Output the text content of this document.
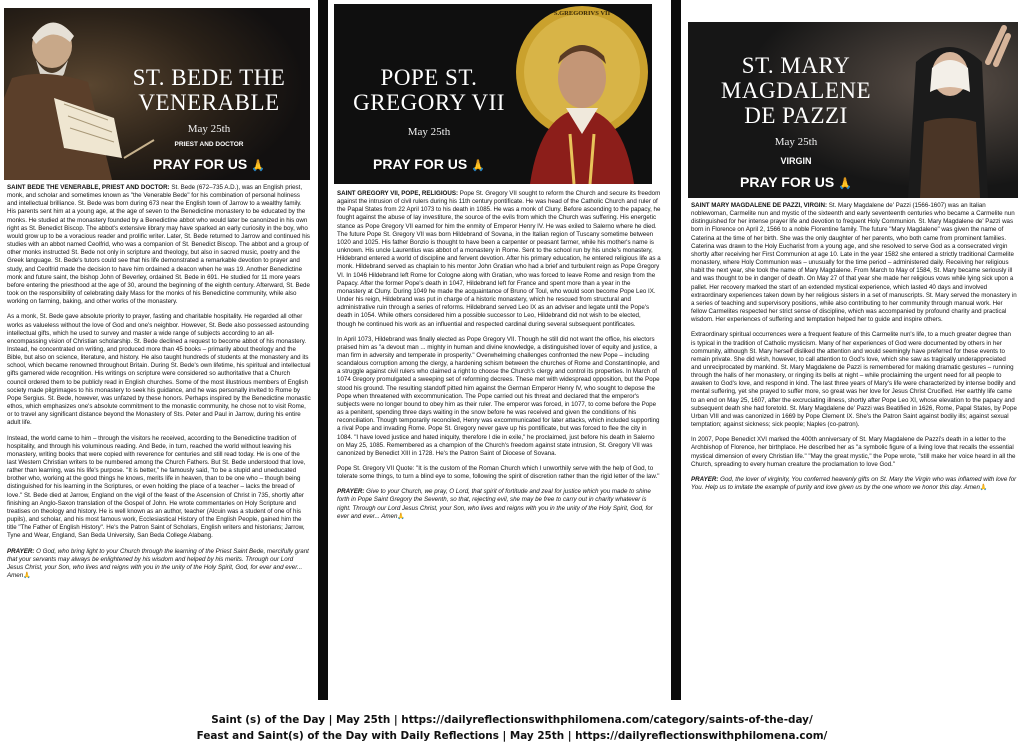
ST. BEDE THE
VENERABLE
May 25th
PRIEST AND DOCTOR
PRAY FOR US 🙏

SAINT BEDE THE VENERABLE, PRIEST AND DOCTOR: St. Bede (672–735 A.D.), was an English priest, monk, and scholar and sometimes known as "the Venerable Bede" for his combination of personal holiness and intellectual brilliance. St. Bede was born during 673 near the English town of Jarrow to a wealthy family. His parents sent him at a young age, at the age of seven to the Benedictine monastery to be educated by the monks. He studied at the monastery founded by a Benedictine abbot who would later be canonized in his own right as St. Benedict Biscop. The abbot's extensive library may have sparked an early curiosity in the boy, who would grow up to be a voracious reader and prolific writer. Later, St. Bede returned to Jarrow and continued his studies with an abbot named Ceolfrid, who was a companion of St. Benedict Biscop. The abbot and a group of other monks instructed St. Bede not only in scripture and theology, but also in sacred music, poetry and the Greek language. St. Bede's tutors could see that his life demonstrated a remarkable devotion to prayer and study, and Ceolfrid made the decision to have him ordained a deacon when he was 19. Another Benedictine monk and future saint, the bishop John of Beverley, ordained St. Bede in 691. He studied for 11 more years before entering the priesthood at the age of 30, around the beginning of the eighth century. Afterward, St. Bede took on the responsibility of celebrating daily Mass for the monks of his Benedictine community, while also working on farming, baking, and other works of the monastery.

As a monk, St. Bede gave absolute priority to prayer, fasting and charitable hospitality. He regarded all other works as valueless without the love of God and one's neighbor. However, St. Bede also possessed astounding intellectual gifts, which he used to survey and master a wide range of subjects according to an all-encompassing vision of Christian scholarship. St. Bede declined a request to become abbot of his monastery. Instead, he concentrated on writing, and produced more than 45 books – primarily about theology and the Bible, but also on science, literature, and history. He also taught hundreds of students at the monastery and its school, which became renowned throughout Britain. During St. Bede's own lifetime, his spiritual and intellectual gifts garnered wide recognition. His writings on scripture were considered so authoritative that a Church council ordered them to be publicly read in English churches. Some of the most illustrious members of English society made pilgrimages to his monastery to seek his guidance, and he was personally invited to Rome by Pope Sergius. St. Bede, however, was unfazed by these honors. Perhaps inspired by the Benedictine monastic ethos, which emphasizes one's absolute commitment to the monastic community, he chose not to visit Rome, or to travel any significant distance beyond the Monastery of Sts. Peter and Paul in Jarrow, during his entire adult life.

Instead, the world came to him – through the visitors he received, according to the Benedictine tradition of hospitality, and through his voluminous reading. And Bede, in turn, reached the world without leaving his monastery, writing books that were copied with reverence for centuries and still read today. He is one of the last Western Christian writers to be numbered among the Church Fathers. But St. Bede understood that love, rather than learning, was his life's purpose. "It is better," he famously said, "to be a stupid and uneducated brother who, working at the good things he knows, merits life in heaven, than to be one who – though being distinguished for his learning in the Scriptures, or even holding the place of a teacher – lacks the bread of love." St. Bede died at Jarrow, England on the vigil of the feast of the Ascension of Christ in 735, shortly after finishing an Anglo-Saxon translation of the Gospel of John. He wrote commentaries on Holy Scripture and treatises on theology and history. He is well known as an author, teacher (Alcuin was a student of one of his pupils), and scholar, and his most famous work, Ecclesiastical History of the English People, gained him the title "The Father of English History". He's the Patron Saint of Scholars, English writers and historians; Jarrow, Tyne and Wear, England, San Beda University, San Beda College Alabang.

PRAYER: O God, who bring light to your Church through the learning of the Priest Saint Bede, mercifully grant that your servants may always be enlightened by his wisdom and helped by his merits. Through our Lord Jesus Christ, your Son, who lives and reigns with you in the unity of the Holy Spirit, God, for ever and ever... Amen🙏

S.GREGORIVS VII
POPE ST.
GREGORY VII
May 25th
PRAY FOR US 🙏

SAINT GREGORY VII, POPE, RELIGIOUS: Pope St. Gregory VII sought to reform the Church and secure its freedom against the intrusion of civil rulers during his 11th century pontificate. He was head of the Catholic Church and ruler of the Papal States from 22 April 1073 to his death in 1085. He was a monk of Cluny. Before ascending to the papacy, he fought against the abuse of lay investiture, the source of the evils from which the Church was suffering. His energetic stance as Pope Gregory VII earned for him the enmity of Emperor Henry IV. He was exiled to Salerno where he died. The future Pope St. Gregory VII was born Hildebrand of Sovana, in the Italian region of Tuscany sometime between 1020 and 1025. His father Bonzio is thought to have been a carpenter or peasant farmer, while his mother's name is unknown. His uncle Laurentius was abbot of a monastery in Rome. Sent to the school run by his uncle's monastery, Hildebrand entered a world of discipline and fervent devotion. After his primary education, he entered religious life as a monk. Hildebrand served as chaplain to his mentor John Gratian who had a brief and turbulent reign as Pope Gregory VI. In 1046 Hildebrand left Rome for Cologne along with Gratian, who was forced to leave Rome and resign from the Papacy. After the former Pope's death in 1047, Hildebrand left for France and spent more than a year in the monastery at Cluny. During 1049 he made the acquaintance of Bruno of Toul, who would soon become Pope Leo IX. Under his reign, Hildebrand was put in charge of a historic monastery, which he rescued from structural and administrative ruin through a series of reforms. Hildebrand served Leo IX as an adviser and legate until the Pope's death in 1054. While others considered him a possible successor to Leo, Hildebrand did not wish to be elected, though he continued his work as an influential and respected cardinal during several subsequent pontificates.

In April 1073, Hildebrand was finally elected as Pope Gregory VII. Though he still did not want the office, his electors praised him as "a devout man ... mighty in human and divine knowledge, a distinguished lover of equity and justice, a man firm in adversity and temperate in prosperity." Overwhelming challenges confronted the new Pope – including scandalous corruption among the clergy, a hardening schism between the churches of Rome and Constantinople, and a struggle against civil rulers who claimed a right to choose the Church's clergy and control its properties. In March of 1074 Gregory promulgated a sweeping set of reforming decrees. These met with widespread opposition, but the Pope stood his ground. The resulting standoff pitted him against the German Emperor Henry IV, who sought to depose the Pope when threatened with excommunication. The Pope carried out his threat and declared that the emperor's subjects were no longer bound to obey him as their ruler. The emperor was forced, in 1077, to come before the Pope as a penitent, spending three days waiting in the snow before he was received and given the conditions of his reconciliation. Though temporarily reconciled, Henry was excommunicated for later attacks, which included supporting a rival Pope and invading Rome. Pope St. Gregory never gave up his pontificate, but was forced to flee the city in 1084. "I have loved justice and hated iniquity, therefore I die in exile," he proclaimed, just before his death in Salerno on May 25, 1085. Remembered as a champion of the Church's freedom against state intrusion, St. Gregory VII was canonized by Benedict XIII in 1728. He's the Patron Saint of Diocese of Sovana.

Pope St. Gregory VII Quote: "It is the custom of the Roman Church which I unworthily serve with the help of God, to tolerate some things, to turn a blind eye to some, following the spirit of discretion rather than the rigid letter of the law."

PRAYER: Give to your Church, we pray, O Lord, that spirit of fortitude and zeal for justice which you made to shine forth in Pope Saint Gregory the Seventh, so that, rejecting evil, she may be free to carry out in charity whatever is right. Through our Lord Jesus Christ, your Son, who lives and reigns with you in the unity of the Holy Spirit, God, for ever and ever... Amen🙏

ST. MARY
MAGDALENE
DE PAZZI
May 25th
VIRGIN
PRAY FOR US 🙏

SAINT MARY MAGDALENE DE PAZZI, VIRGIN: St. Mary Magdalene de' Pazzi (1566-1607) was an Italian noblewoman, Carmelite nun and mystic of the sixteenth and early seventeenth centuries who became a Carmelite nun distinguished for her intense prayer life and devotion to frequent Holy Communion. St. Mary Magdalene de' Pazzi was born in Florence on April 2, 1566 to a noble Florentine family. The future "Mary Magdalene" was given the name of Caterina at the time of her birth. She was the only daughter of her parents, who both came from prominent families. Caterina was drawn to the Holy Eucharist from a young age, and she resolved to serve God as a consecrated virgin shortly after receiving her First Communion at age 10. Late in the year 1582 she entered a strictly traditional Carmelite monastery, where Holy Communion was – unusually for the time period – administered daily. Receiving her religious habit the next year, she took the name of Mary Magdalene. From March to May of 1584, St. Mary became seriously ill and was thought to be in danger of death. On May 27 of that year she made her religious vows while lying sick upon a pallet. Her recovery marked the start of an extended mystical experience, which lasted 40 days and involved extraordinary experiences taken down by her religious sisters in a set of manuscripts. St. Mary served the monastery in a series of teaching and supervisory positions, while also contributing to her community through manual work. Her fellow Carmelites respected her strict sense of discipline, which was accompanied by profound charity and practical wisdom. Her experiences of suffering and temptation helped her to guide and inspire others.

Extraordinary spiritual occurrences were a frequent feature of this Carmelite nun's life, to a much greater degree than is typical in the tradition of Catholic mysticism. Many of her experiences of God were documented by others in her community, although St. Mary herself disliked the attention and would seemingly have preferred for these events to remain private. She did wish, however, to call attention to God's love, which she saw as tragically underappreciated and unreciprocated by mankind. St. Mary Magdalene de Pazzi is remembered for making dramatic gestures – running through the halls of her monastery, or ringing its bells at night – while proclaiming the urgent need for all people to awaken to God's love, and respond in kind. The last three years of Mary's life were characterized by intense bodily and mental suffering, yet she prayed to suffer more, so great was her love for Jesus Christ Crucified. Her earthly life came to an end on May 25, 1607, after the excruciating illness, shortly after Pope Leo XI, whose elevation to the papacy and subsequent death she had foretold. St. Mary Magdalene de' Pazzi was Beatified in 1626, Rome, Papal States, by Pope Urban VIII and was canonized in 1669 by Pope Clement IX. She's the Patron Saint against bodily ills; against sexual temptation; against sickness; sick people; Naples (co-patron).

In 2007, Pope Benedict XVI marked the 400th anniversary of St. Mary Magdalene de Pazzi's death in a letter to the Archbishop of Florence, her birthplace. He described her as "a symbolic figure of a living love that recalls the essential mystical dimension of every Christian life." "May the great mystic," the Pope wrote, "still make her voice heard in all the Church, spreading to every human creature the proclamation to love God."

PRAYER: God, the lover of virginity, You conferred heavenly gifts on St. Mary the Virgin who was inflamed with love for You. Help us to imitate the example of purity and love given us by the one whom we honor this day. Amen🙏

Saint (s) of the Day | May 25th | https://dailyreflectionswithphilomena.com/category/saints-of-the-day/
Feast and Saint(s) of the Day with Daily Reflections | May 25th | https://dailyreflectionswithphilomena.com/
